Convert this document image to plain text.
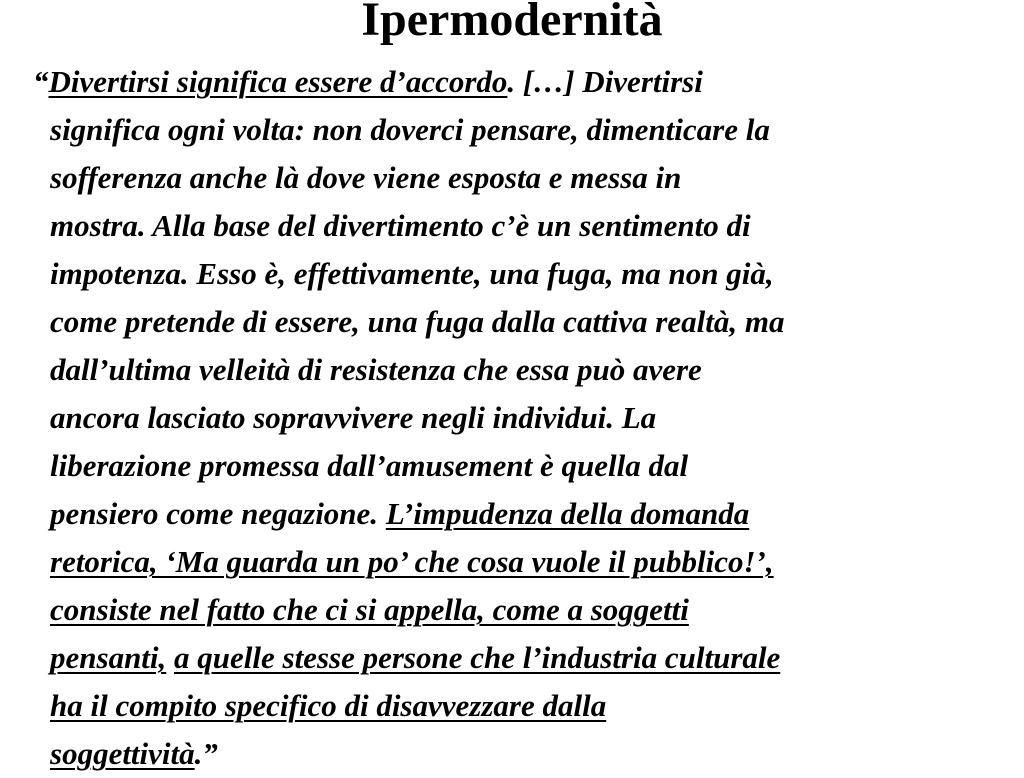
Ipermodernità
“Divertirsi significa essere d’accordo. […] Divertirsi
significa ogni volta: non doverci pensare, dimenticare la
sofferenza anche là dove viene esposta e messa in
mostra. Alla base del divertimento c’è un sentimento di
impotenza. Esso è, effettivamente, una fuga, ma non già,
come pretende di essere, una fuga dalla cattiva realtà, ma
dall’ultima velleità di resistenza che essa può avere
ancora lasciato sopravvivere negli individui. La
liberazione promessa dall’amusement è quella dal
pensiero come negazione. L’impudenza della domanda
retorica, ‘Ma guarda un po’ che cosa vuole il pubblico!’,
consiste nel fatto che ci si appella, come a soggetti
pensanti, a quelle stesse persone che l’industria culturale
ha il compito specifico di disavvezzare dalla
soggettività.”
